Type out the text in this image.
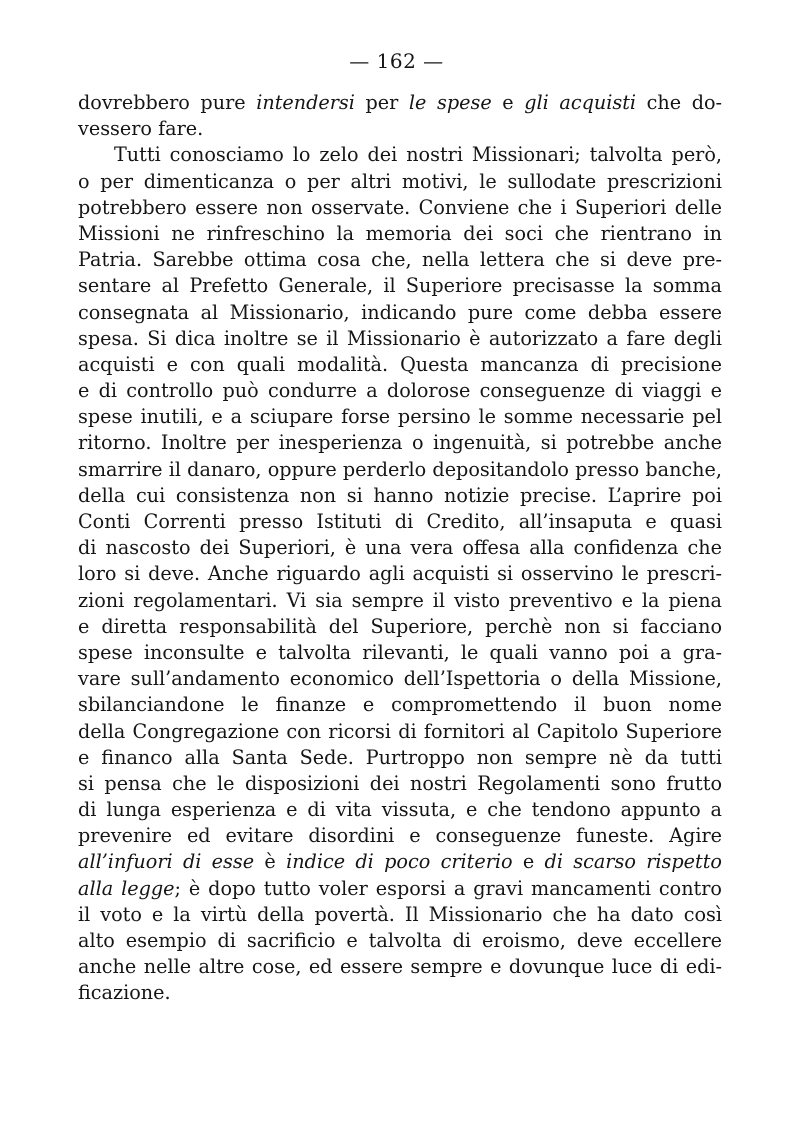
— 162 —
dovrebbero pure intendersi per le spese e gli acquisti che do-
vessero fare.
Tutti conosciamo lo zelo dei nostri Missionari; talvolta però,
o per dimenticanza o per altri motivi, le sullodate prescrizioni
potrebbero essere non osservate. Conviene che i Superiori delle
Missioni ne rinfreschino la memoria dei soci che rientrano in
Patria. Sarebbe ottima cosa che, nella lettera che si deve pre-
sentare al Prefetto Generale, il Superiore precisasse la somma
consegnata al Missionario, indicando pure come debba essere
spesa. Si dica inoltre se il Missionario è autorizzato a fare degli
acquisti e con quali modalità. Questa mancanza di precisione
e di controllo può condurre a dolorose conseguenze di viaggi e
spese inutili, e a sciupare forse persino le somme necessarie pel
ritorno. Inoltre per inesperienza o ingenuità, si potrebbe anche
smarrire il danaro, oppure perderlo depositandolo presso banche,
della cui consistenza non si hanno notizie precise. L’aprire poi
Conti Correnti presso Istituti di Credito, all’insaputa e quasi
di nascosto dei Superiori, è una vera offesa alla confidenza che
loro si deve. Anche riguardo agli acquisti si osservino le prescri-
zioni regolamentari. Vi sia sempre il visto preventivo e la piena
e diretta responsabilità del Superiore, perchè non si facciano
spese inconsulte e talvolta rilevanti, le quali vanno poi a gra-
vare sull’andamento economico dell’Ispettoria o della Missione,
sbilanciandone le finanze e compromettendo il buon nome
della Congregazione con ricorsi di fornitori al Capitolo Superiore
e financo alla Santa Sede. Purtroppo non sempre nè da tutti
si pensa che le disposizioni dei nostri Regolamenti sono frutto
di lunga esperienza e di vita vissuta, e che tendono appunto a
prevenire ed evitare disordini e conseguenze funeste. Agire
all’infuori di esse è indice di poco criterio e di scarso rispetto
alla legge; è dopo tutto voler esporsi a gravi mancamenti contro
il voto e la virtù della povertà. Il Missionario che ha dato così
alto esempio di sacrificio e talvolta di eroismo, deve eccellere
anche nelle altre cose, ed essere sempre e dovunque luce di edi-
ficazione.
